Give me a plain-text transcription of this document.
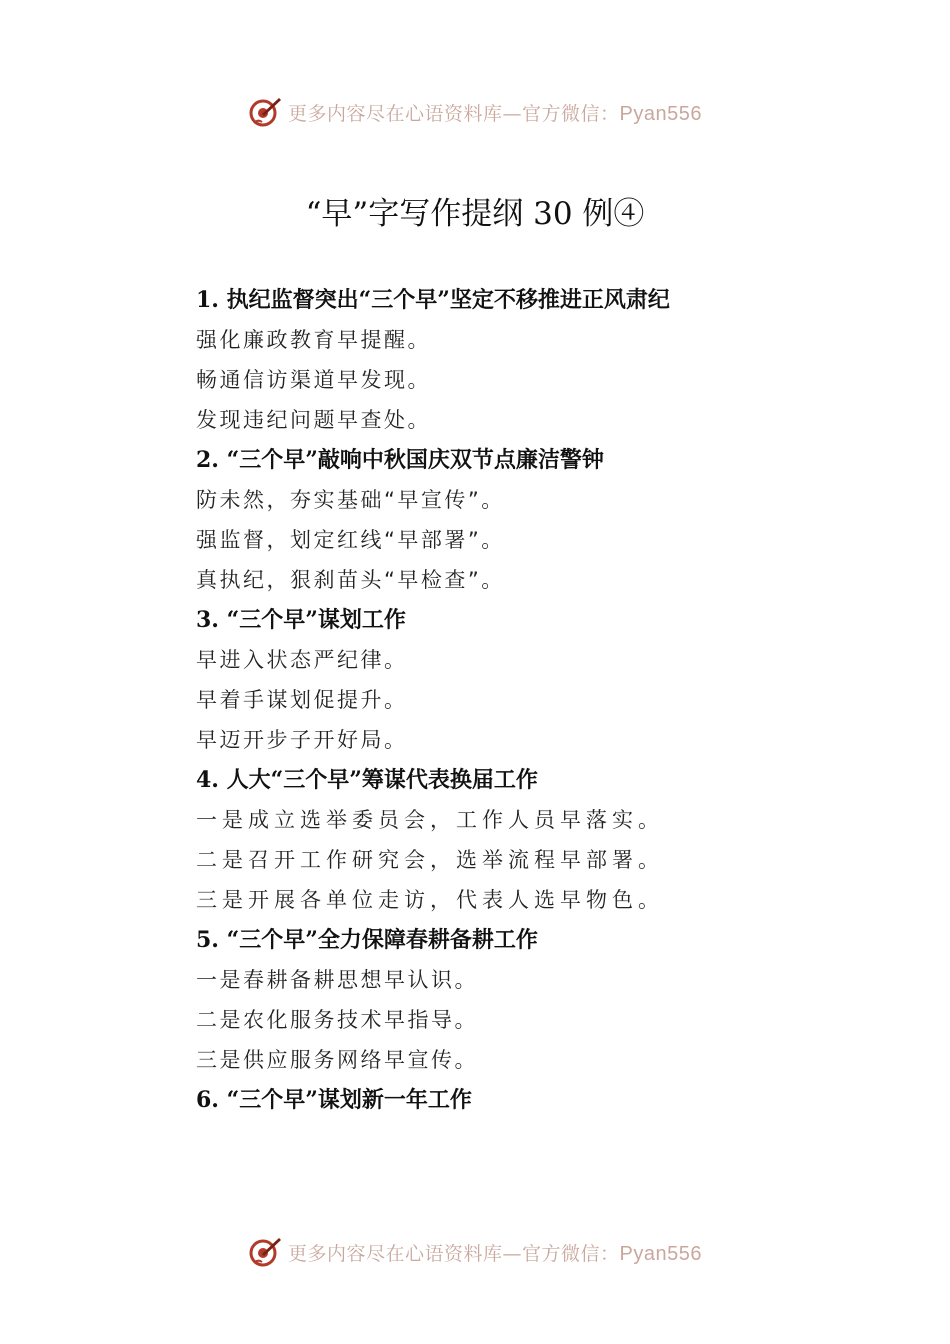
更多内容尽在心语资料库—官方微信：Pyan556
“早”字写作提纲 30 例④
1. 执纪监督突出“三个早”坚定不移推进正风肃纪
强化廉政教育早提醒。
畅通信访渠道早发现。
发现违纪问题早查处。
2. “三个早”敲响中秋国庆双节点廉洁警钟
防未然，夯实基础“早宣传”。
强监督，划定红线“早部署”。
真执纪，狠刹苗头“早检查”。
3. “三个早”谋划工作
早进入状态严纪律。
早着手谋划促提升。
早迈开步子开好局。
4. 人大“三个早”筹谋代表换届工作
一是成立选举委员会，工作人员早落实。
二是召开工作研究会，选举流程早部署。
三是开展各单位走访，代表人选早物色。
5. “三个早”全力保障春耕备耕工作
一是春耕备耕思想早认识。
二是农化服务技术早指导。
三是供应服务网络早宣传。
6. “三个早”谋划新一年工作
更多内容尽在心语资料库—官方微信：Pyan556
